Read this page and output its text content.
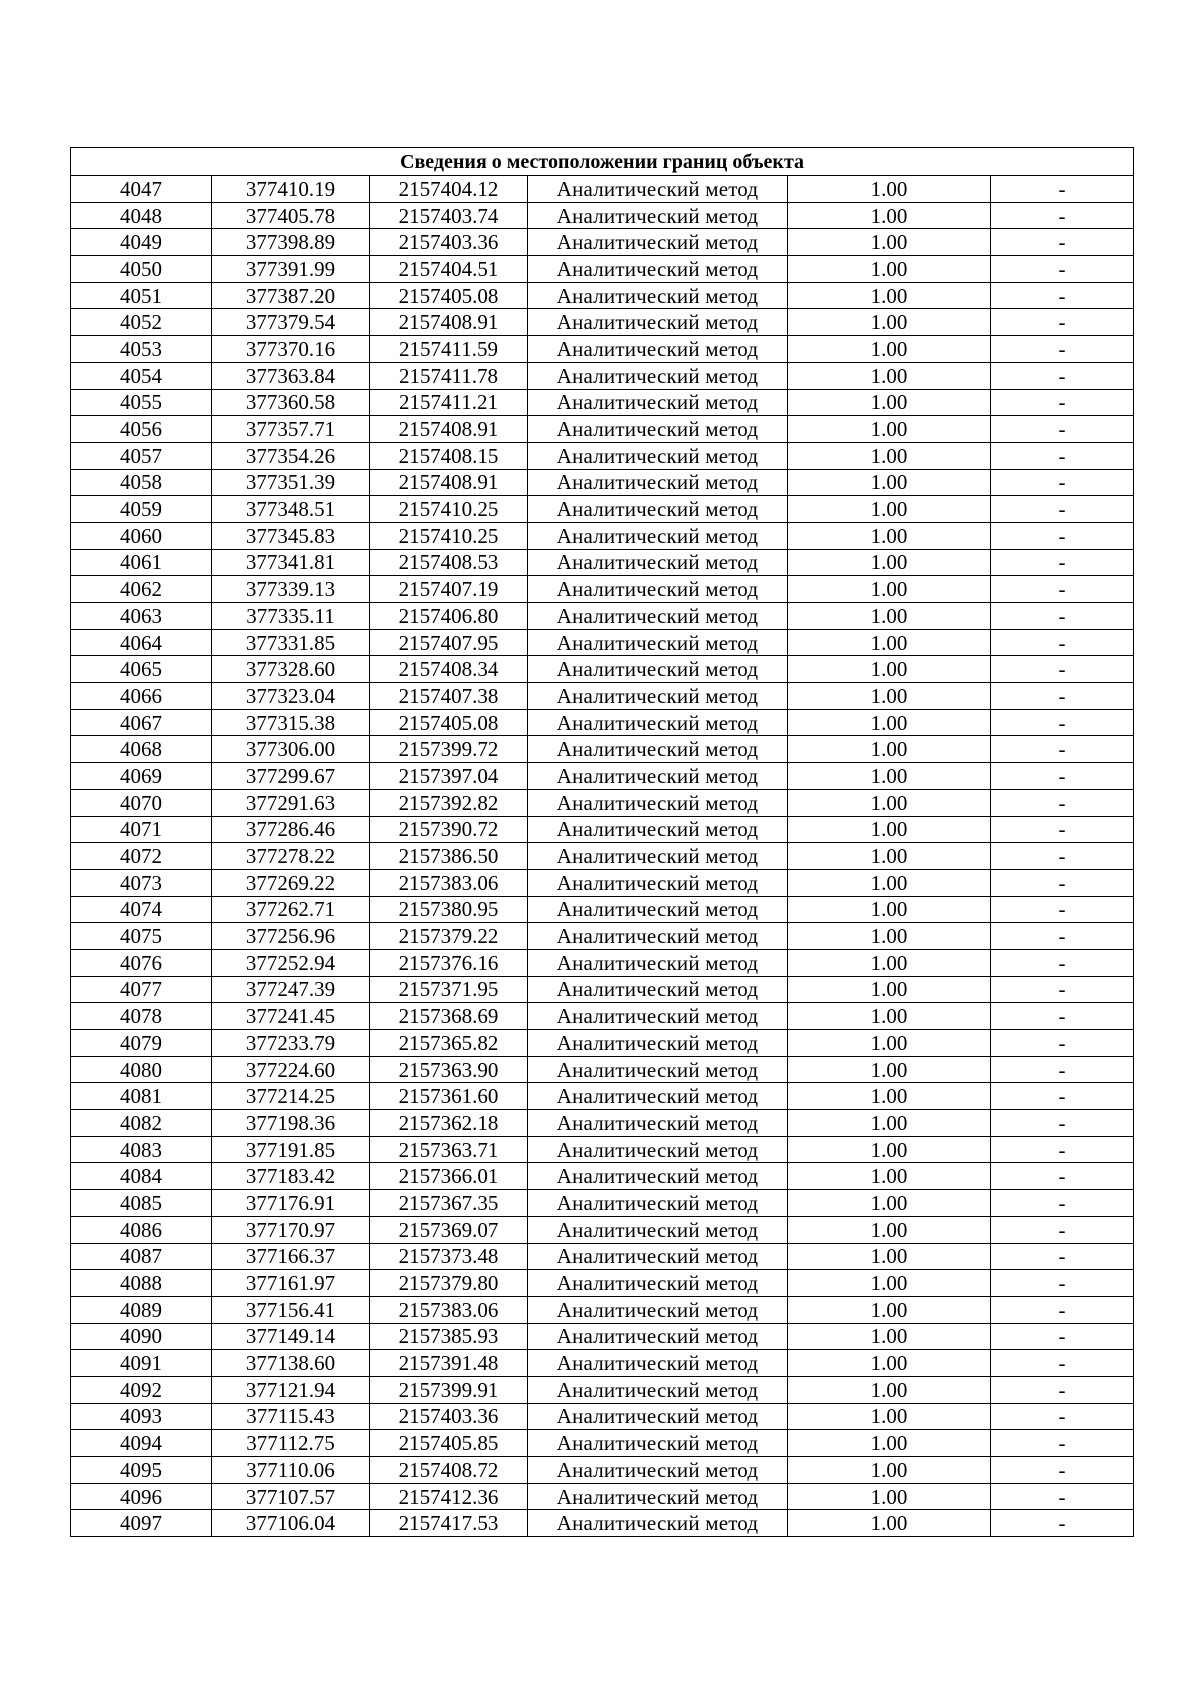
Сведения о местоположении границ объекта					
4047	377410.19	2157404.12	Аналитический метод	1.00	-
4048	377405.78	2157403.74	Аналитический метод	1.00	-
4049	377398.89	2157403.36	Аналитический метод	1.00	-
4050	377391.99	2157404.51	Аналитический метод	1.00	-
4051	377387.20	2157405.08	Аналитический метод	1.00	-
4052	377379.54	2157408.91	Аналитический метод	1.00	-
4053	377370.16	2157411.59	Аналитический метод	1.00	-
4054	377363.84	2157411.78	Аналитический метод	1.00	-
4055	377360.58	2157411.21	Аналитический метод	1.00	-
4056	377357.71	2157408.91	Аналитический метод	1.00	-
4057	377354.26	2157408.15	Аналитический метод	1.00	-
4058	377351.39	2157408.91	Аналитический метод	1.00	-
4059	377348.51	2157410.25	Аналитический метод	1.00	-
4060	377345.83	2157410.25	Аналитический метод	1.00	-
4061	377341.81	2157408.53	Аналитический метод	1.00	-
4062	377339.13	2157407.19	Аналитический метод	1.00	-
4063	377335.11	2157406.80	Аналитический метод	1.00	-
4064	377331.85	2157407.95	Аналитический метод	1.00	-
4065	377328.60	2157408.34	Аналитический метод	1.00	-
4066	377323.04	2157407.38	Аналитический метод	1.00	-
4067	377315.38	2157405.08	Аналитический метод	1.00	-
4068	377306.00	2157399.72	Аналитический метод	1.00	-
4069	377299.67	2157397.04	Аналитический метод	1.00	-
4070	377291.63	2157392.82	Аналитический метод	1.00	-
4071	377286.46	2157390.72	Аналитический метод	1.00	-
4072	377278.22	2157386.50	Аналитический метод	1.00	-
4073	377269.22	2157383.06	Аналитический метод	1.00	-
4074	377262.71	2157380.95	Аналитический метод	1.00	-
4075	377256.96	2157379.22	Аналитический метод	1.00	-
4076	377252.94	2157376.16	Аналитический метод	1.00	-
4077	377247.39	2157371.95	Аналитический метод	1.00	-
4078	377241.45	2157368.69	Аналитический метод	1.00	-
4079	377233.79	2157365.82	Аналитический метод	1.00	-
4080	377224.60	2157363.90	Аналитический метод	1.00	-
4081	377214.25	2157361.60	Аналитический метод	1.00	-
4082	377198.36	2157362.18	Аналитический метод	1.00	-
4083	377191.85	2157363.71	Аналитический метод	1.00	-
4084	377183.42	2157366.01	Аналитический метод	1.00	-
4085	377176.91	2157367.35	Аналитический метод	1.00	-
4086	377170.97	2157369.07	Аналитический метод	1.00	-
4087	377166.37	2157373.48	Аналитический метод	1.00	-
4088	377161.97	2157379.80	Аналитический метод	1.00	-
4089	377156.41	2157383.06	Аналитический метод	1.00	-
4090	377149.14	2157385.93	Аналитический метод	1.00	-
4091	377138.60	2157391.48	Аналитический метод	1.00	-
4092	377121.94	2157399.91	Аналитический метод	1.00	-
4093	377115.43	2157403.36	Аналитический метод	1.00	-
4094	377112.75	2157405.85	Аналитический метод	1.00	-
4095	377110.06	2157408.72	Аналитический метод	1.00	-
4096	377107.57	2157412.36	Аналитический метод	1.00	-
4097	377106.04	2157417.53	Аналитический метод	1.00	-
